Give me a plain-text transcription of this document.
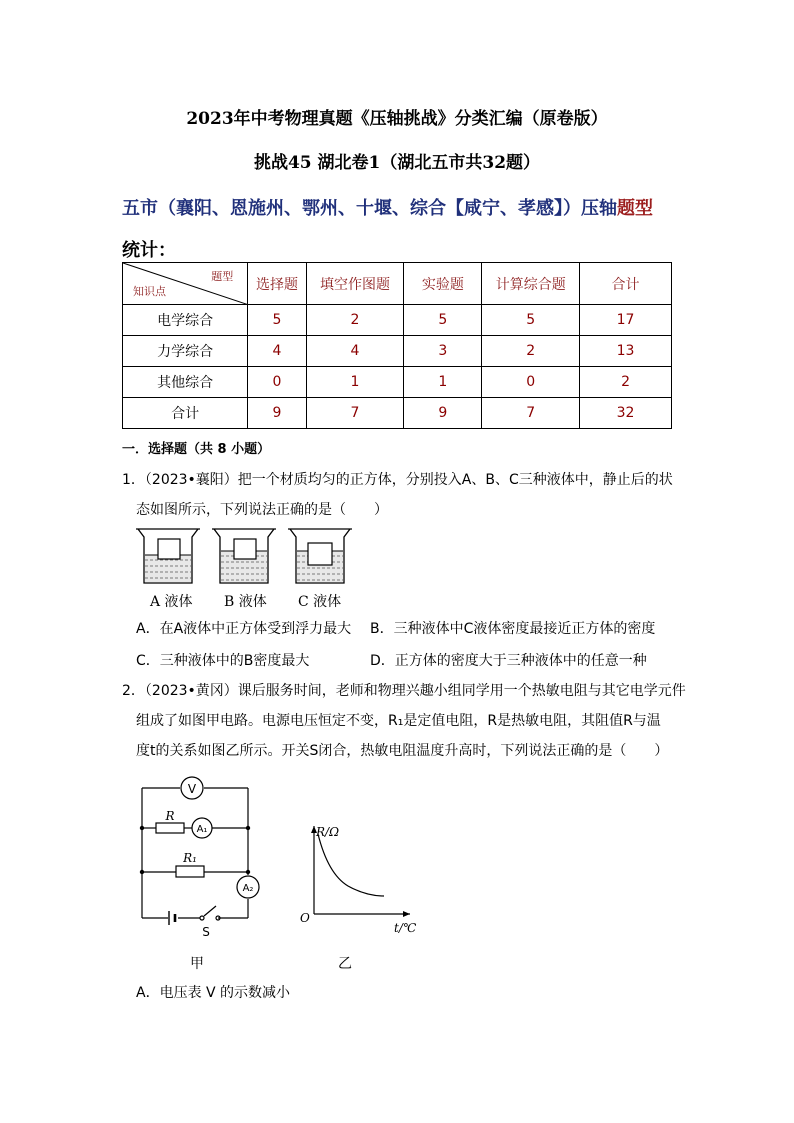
2023年中考物理真题《压轴挑战》分类汇编（原卷版）
挑战45 湖北卷1（湖北五市共32题）
五市（襄阳、恩施州、鄂州、十堰、综合【咸宁、孝感】）压轴题型
统计：
题型
知识点	选择题	填空作图题	实验题	计算综合题	合计
电学综合	5	2	5	5	17
力学综合	4	4	3	2	13
其他综合	0	1	1	0	2
合计	9	7	9	7	32
一．选择题（共 8 小题）
1．（2023•襄阳）把一个材质均匀的正方体，分别投入A、B、C三种液体中，静止后的状
态如图所示，下列说法正确的是（　　）
A 液体 B 液体 C 液体
A．在A液体中正方体受到浮力最大 B．三种液体中C液体密度最接近正方体的密度
C．三种液体中的B密度最大	D．正方体的密度大于三种液体中的任意一种
2．（2023•黄冈）课后服务时间，老师和物理兴趣小组同学用一个热敏电阻与其它电学元件
组成了如图甲电路。电源电压恒定不变，R₁是定值电阻，R是热敏电阻，其阻值R与温
度t的关系如图乙所示。开关S闭合，热敏电阻温度升高时，下列说法正确的是（　　）
V
R
A₁
R₁
A₂
S
甲
R/Ω
O
t/℃
乙
A．电压表 V 的示数减小
